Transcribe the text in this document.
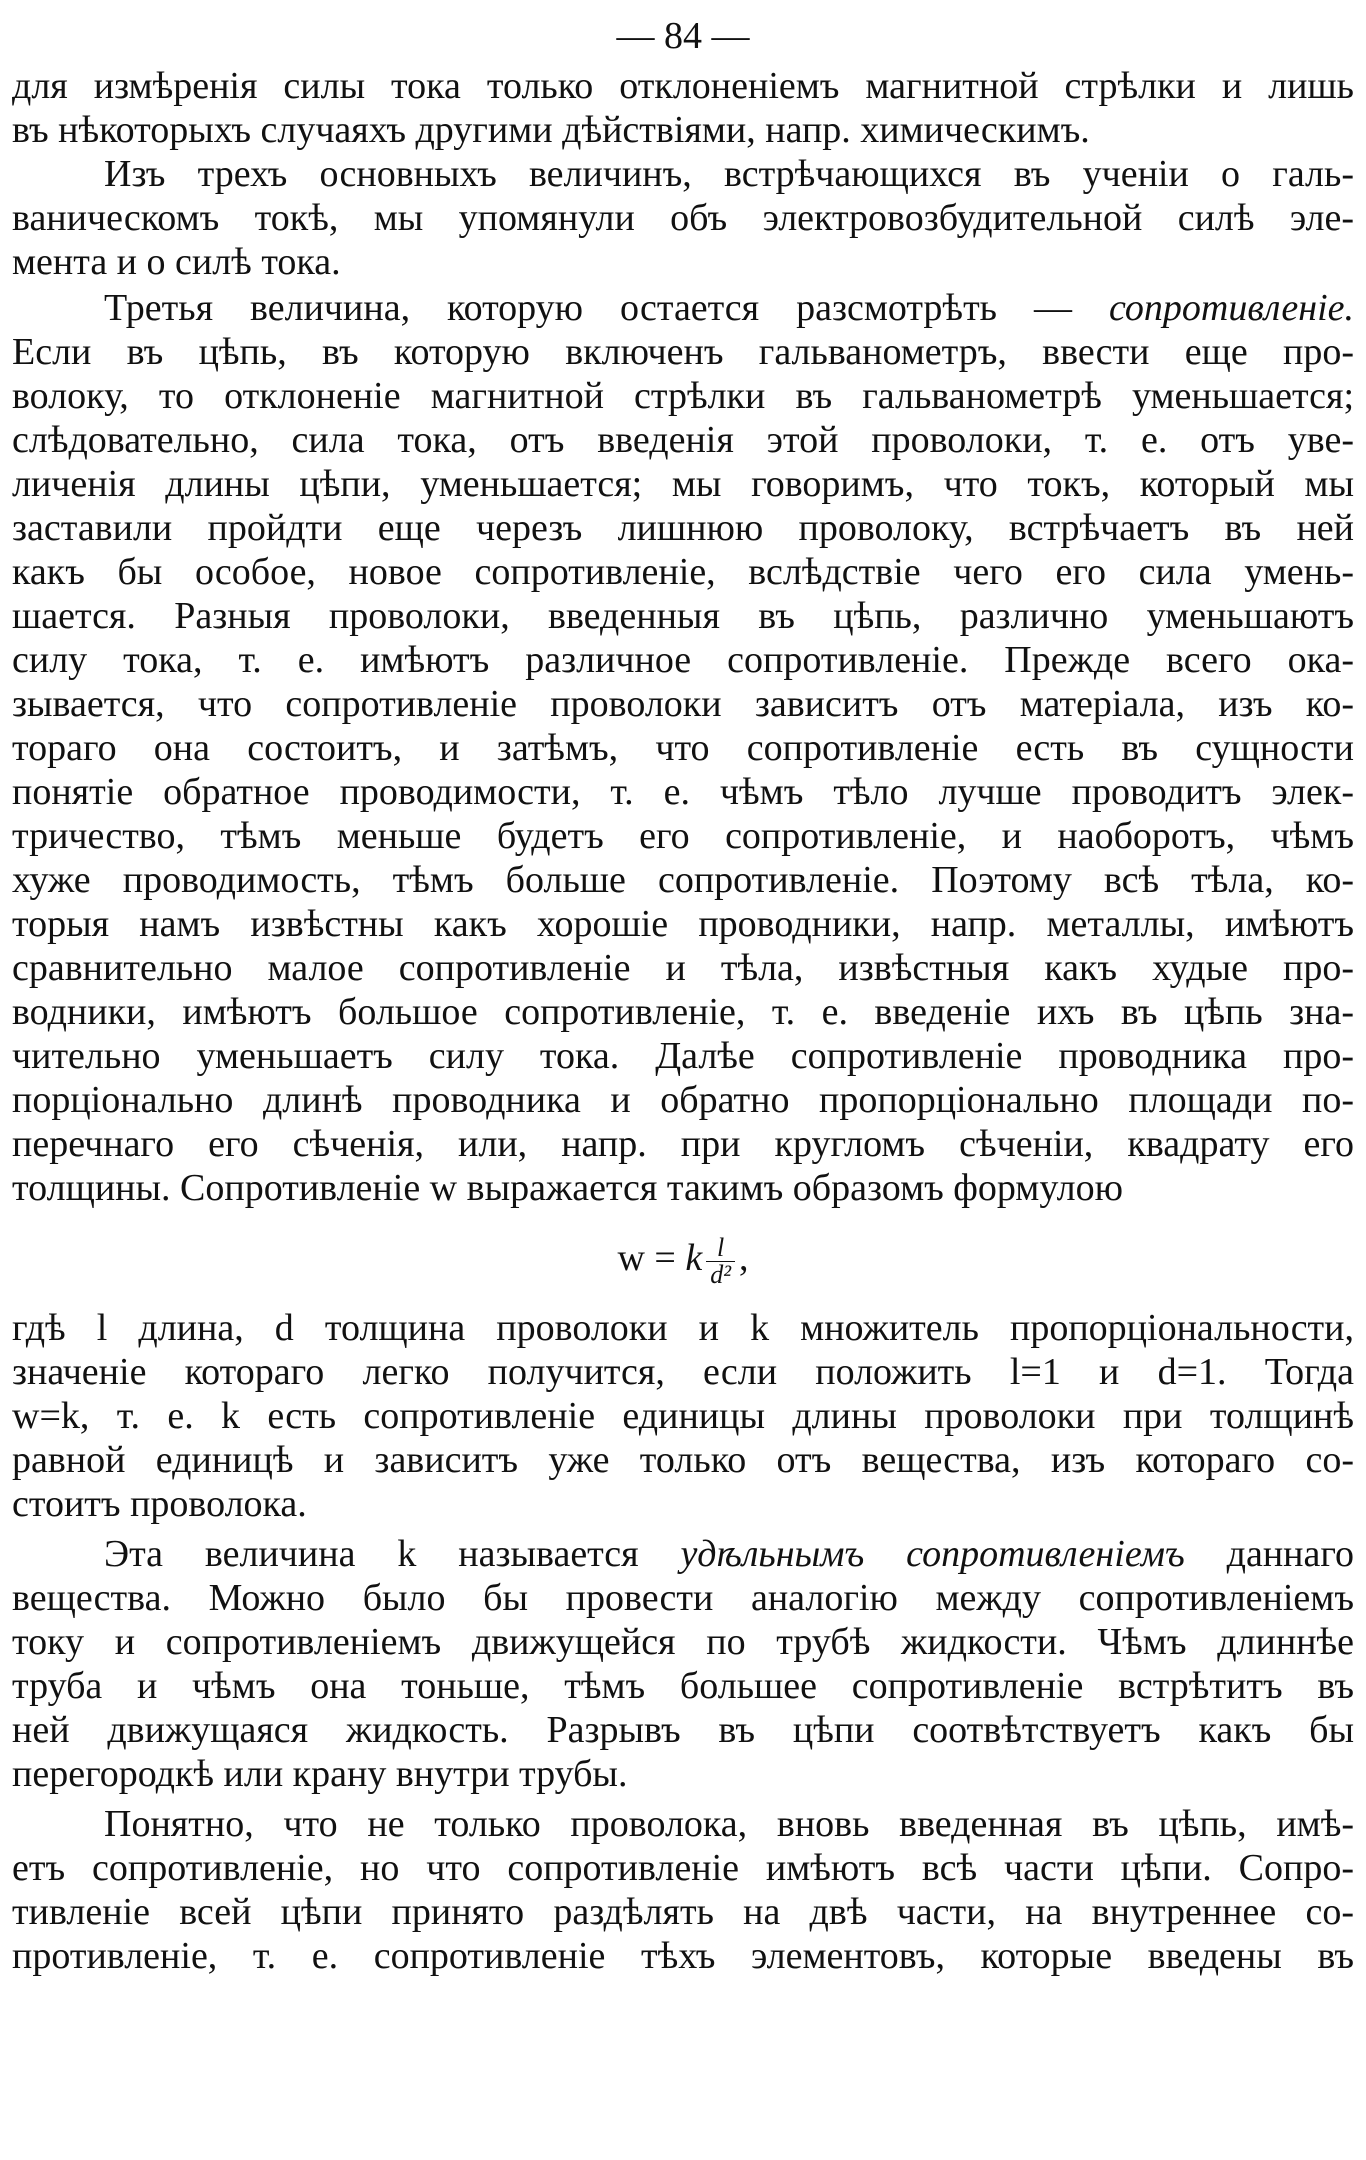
— 84 —
для измѣренія силы тока только отклоненіемъ магнитной стрѣлки и лишь
въ нѣкоторыхъ случаяхъ другими дѣйствіями, напр. химическимъ.
Изъ трехъ основныхъ величинъ, встрѣчающихся въ ученіи о галь-
ваническомъ токѣ, мы упомянули объ электровозбудительной силѣ эле-
мента и о силѣ тока.
Третья величина, которую остается разсмотрѣть — сопротивленіе.
Если въ цѣпь, въ которую включенъ гальванометръ, ввести еще про-
волоку, то отклоненіе магнитной стрѣлки въ гальванометрѣ уменьшается;
слѣдовательно, сила тока, отъ введенія этой проволоки, т. е. отъ уве-
личенія длины цѣпи, уменьшается; мы говоримъ, что токъ, который мы
заставили пройдти еще черезъ лишнюю проволоку, встрѣчаетъ въ ней
какъ бы особое, новое сопротивленіе, вслѣдствіе чего его сила умень-
шается. Разныя проволоки, введенныя въ цѣпь, различно уменьшаютъ
силу тока, т. е. имѣютъ различное сопротивленіе. Прежде всего ока-
зывается, что сопротивленіе проволоки зависитъ отъ матеріала, изъ ко-
тораго она состоитъ, и затѣмъ, что сопротивленіе есть въ сущности
понятіе обратное проводимости, т. е. чѣмъ тѣло лучше проводитъ элек-
тричество, тѣмъ меньше будетъ его сопротивленіе, и наоборотъ, чѣмъ
хуже проводимость, тѣмъ больше сопротивленіе. Поэтому всѣ тѣла, ко-
торыя намъ извѣстны какъ хорошіе проводники, напр. металлы, имѣютъ
сравнительно малое сопротивленіе и тѣла, извѣстныя какъ худые про-
водники, имѣютъ большое сопротивленіе, т. е. введеніе ихъ въ цѣпь зна-
чительно уменьшаетъ силу тока. Далѣе сопротивленіе проводника про-
порціонально длинѣ проводника и обратно пропорціонально площади по-
перечнаго его сѣченія, или, напр. при кругломъ сѣченіи, квадрату его
толщины. Сопротивленіе w выражается такимъ образомъ формулою
w = k $\frac{l}{\text{d²}}$ ,
гдѣ l длина, d толщина проволоки и k множитель пропорціональности,
значеніе котораго легко получится, если положить l=1 и d=1. Тогда
w=k, т. е. k есть сопротивленіе единицы длины проволоки при толщинѣ
равной единицѣ и зависитъ уже только отъ вещества, изъ котораго со-
стоитъ проволока.
Эта величина k называется удѣльнымъ сопротивленіемъ даннаго
вещества. Можно было бы провести аналогію между сопротивленіемъ
току и сопротивленіемъ движущейся по трубѣ жидкости. Чѣмъ длиннѣе
труба и чѣмъ она тоньше, тѣмъ большее сопротивленіе встрѣтитъ въ
ней движущаяся жидкость. Разрывъ въ цѣпи соотвѣтствуетъ какъ бы
перегородкѣ или крану внутри трубы.
Понятно, что не только проволока, вновь введенная въ цѣпь, имѣ-
етъ сопротивленіе, но что сопротивленіе имѣютъ всѣ части цѣпи. Сопро-
тивленіе всей цѣпи принято раздѣлять на двѣ части, на внутреннее со-
противленіе, т. е. сопротивленіе тѣхъ элементовъ, которые введены въ
